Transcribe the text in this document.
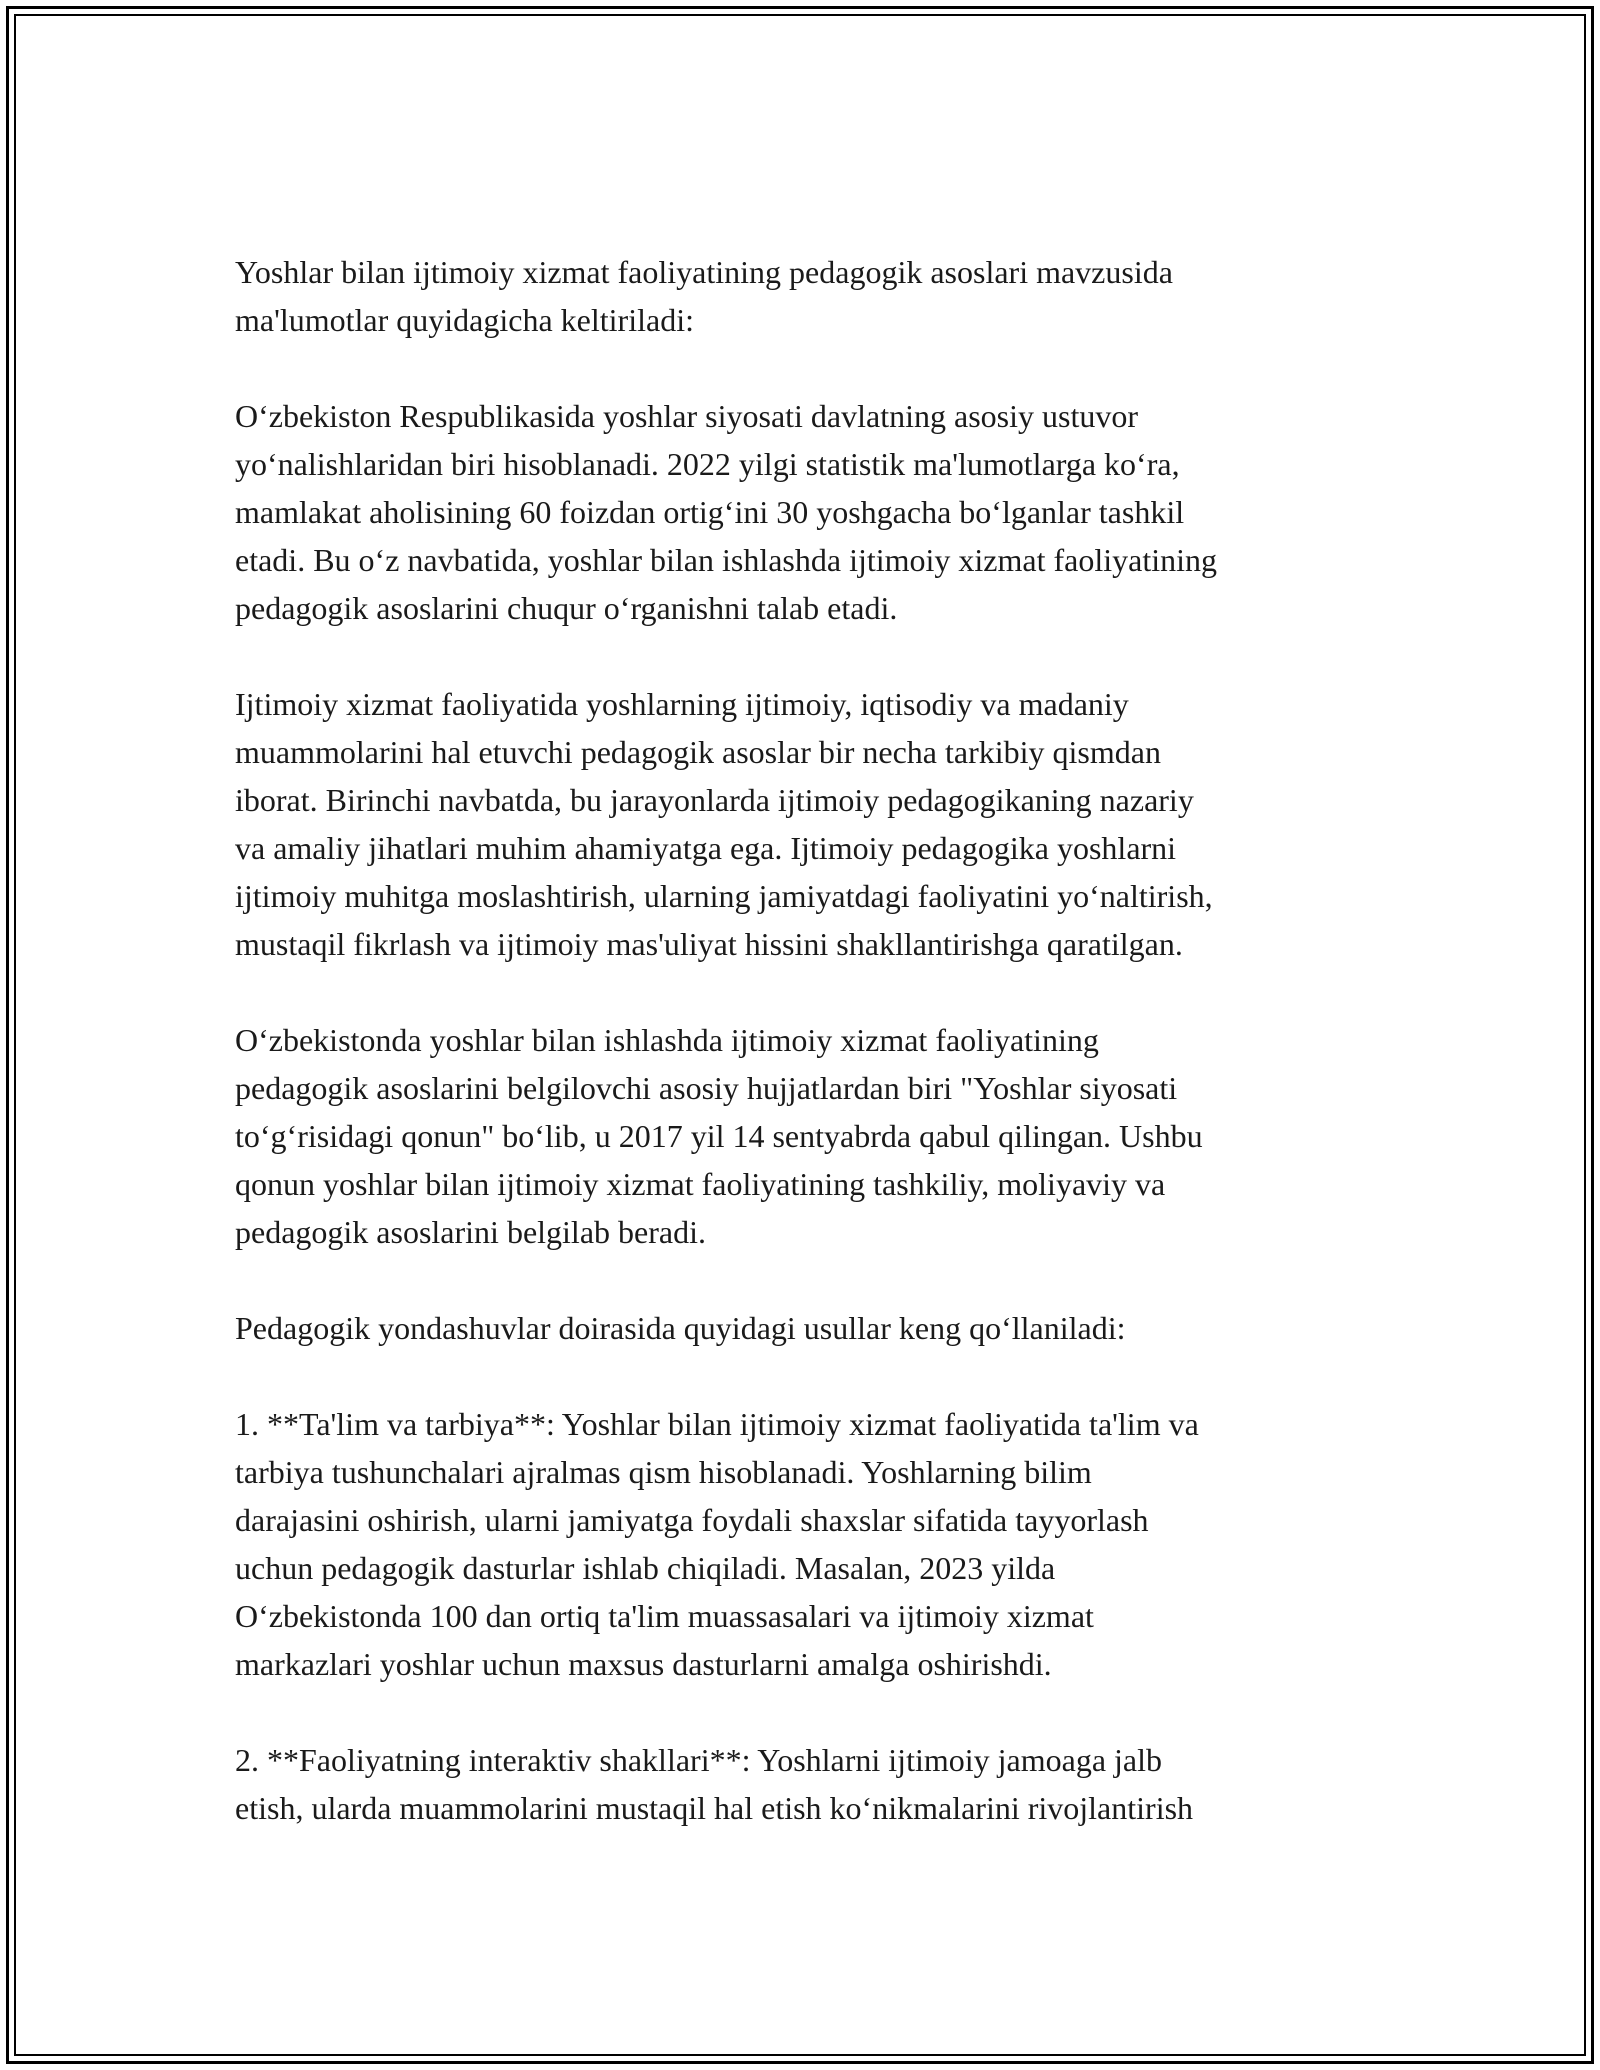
Yoshlar bilan ijtimoiy xizmat faoliyatining pedagogik asoslari mavzusida
ma'lumotlar quyidagicha keltiriladi:

O‘zbekiston Respublikasida yoshlar siyosati davlatning asosiy ustuvor
yo‘nalishlaridan biri hisoblanadi. 2022 yilgi statistik ma'lumotlarga ko‘ra,
mamlakat aholisining 60 foizdan ortig‘ini 30 yoshgacha bo‘lganlar tashkil
etadi. Bu o‘z navbatida, yoshlar bilan ishlashda ijtimoiy xizmat faoliyatining
pedagogik asoslarini chuqur o‘rganishni talab etadi.

Ijtimoiy xizmat faoliyatida yoshlarning ijtimoiy, iqtisodiy va madaniy
muammolarini hal etuvchi pedagogik asoslar bir necha tarkibiy qismdan
iborat. Birinchi navbatda, bu jarayonlarda ijtimoiy pedagogikaning nazariy
va amaliy jihatlari muhim ahamiyatga ega. Ijtimoiy pedagogika yoshlarni
ijtimoiy muhitga moslashtirish, ularning jamiyatdagi faoliyatini yo‘naltirish,
mustaqil fikrlash va ijtimoiy mas'uliyat hissini shakllantirishga qaratilgan.

O‘zbekistonda yoshlar bilan ishlashda ijtimoiy xizmat faoliyatining
pedagogik asoslarini belgilovchi asosiy hujjatlardan biri "Yoshlar siyosati
to‘g‘risidagi qonun" bo‘lib, u 2017 yil 14 sentyabrda qabul qilingan. Ushbu
qonun yoshlar bilan ijtimoiy xizmat faoliyatining tashkiliy, moliyaviy va
pedagogik asoslarini belgilab beradi.

Pedagogik yondashuvlar doirasida quyidagi usullar keng qo‘llaniladi:

1. **Ta'lim va tarbiya**: Yoshlar bilan ijtimoiy xizmat faoliyatida ta'lim va
tarbiya tushunchalari ajralmas qism hisoblanadi. Yoshlarning bilim
darajasini oshirish, ularni jamiyatga foydali shaxslar sifatida tayyorlash
uchun pedagogik dasturlar ishlab chiqiladi. Masalan, 2023 yilda
O‘zbekistonda 100 dan ortiq ta'lim muassasalari va ijtimoiy xizmat
markazlari yoshlar uchun maxsus dasturlarni amalga oshirishdi.

2. **Faoliyatning interaktiv shakllari**: Yoshlarni ijtimoiy jamoaga jalb
etish, ularda muammolarini mustaqil hal etish ko‘nikmalarini rivojlantirish
